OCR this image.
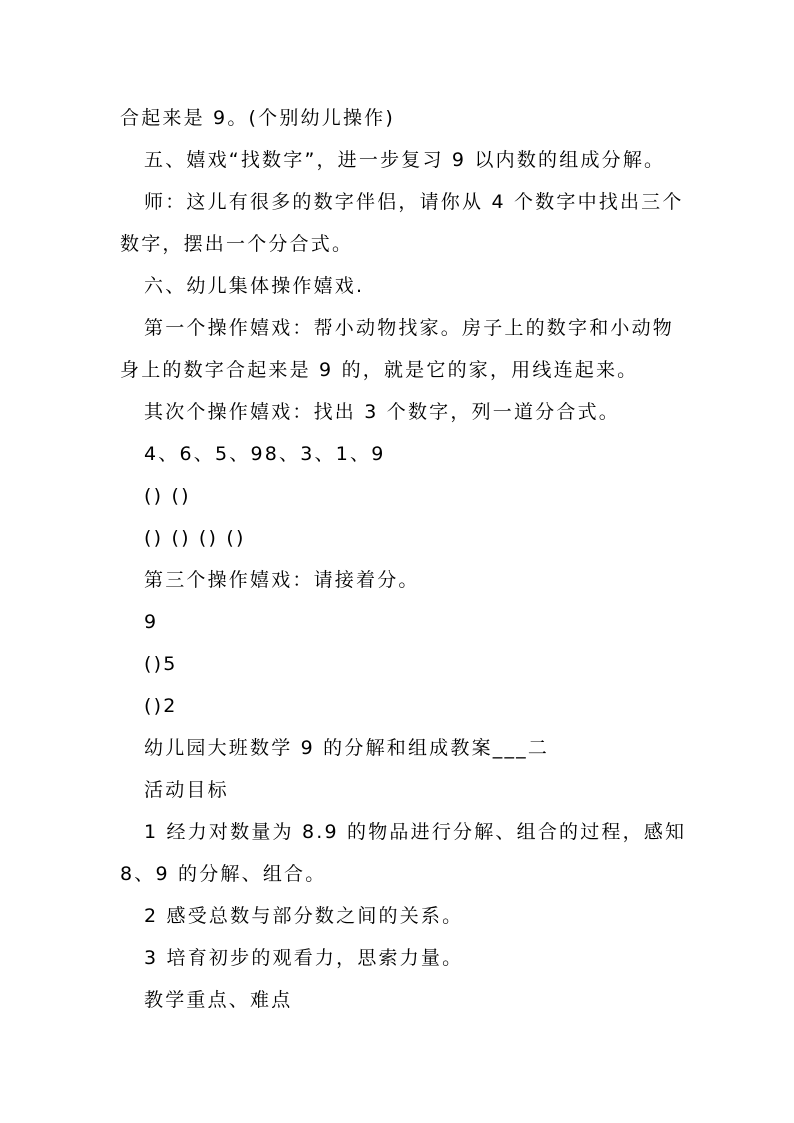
合起来是 9。(个别幼儿操作)
五、嬉戏“找数字”，进一步复习 9 以内数的组成分解。
师：这儿有很多的数字伴侣，请你从 4 个数字中找出三个
数字，摆出一个分合式。
六、幼儿集体操作嬉戏.
第一个操作嬉戏：帮小动物找家。房子上的数字和小动物
身上的数字合起来是 9 的，就是它的家，用线连起来。
其次个操作嬉戏：找出 3 个数字，列一道分合式。
4、6、5、98、3、1、9
() ()
() () () ()
第三个操作嬉戏：请接着分。
9
()5
()2
幼儿园大班数学 9 的分解和组成教案___二
活动目标
1 经力对数量为 8.9 的物品进行分解、组合的过程，感知
8、9 的分解、组合。
2 感受总数与部分数之间的关系。
3 培育初步的观看力，思索力量。
教学重点、难点
